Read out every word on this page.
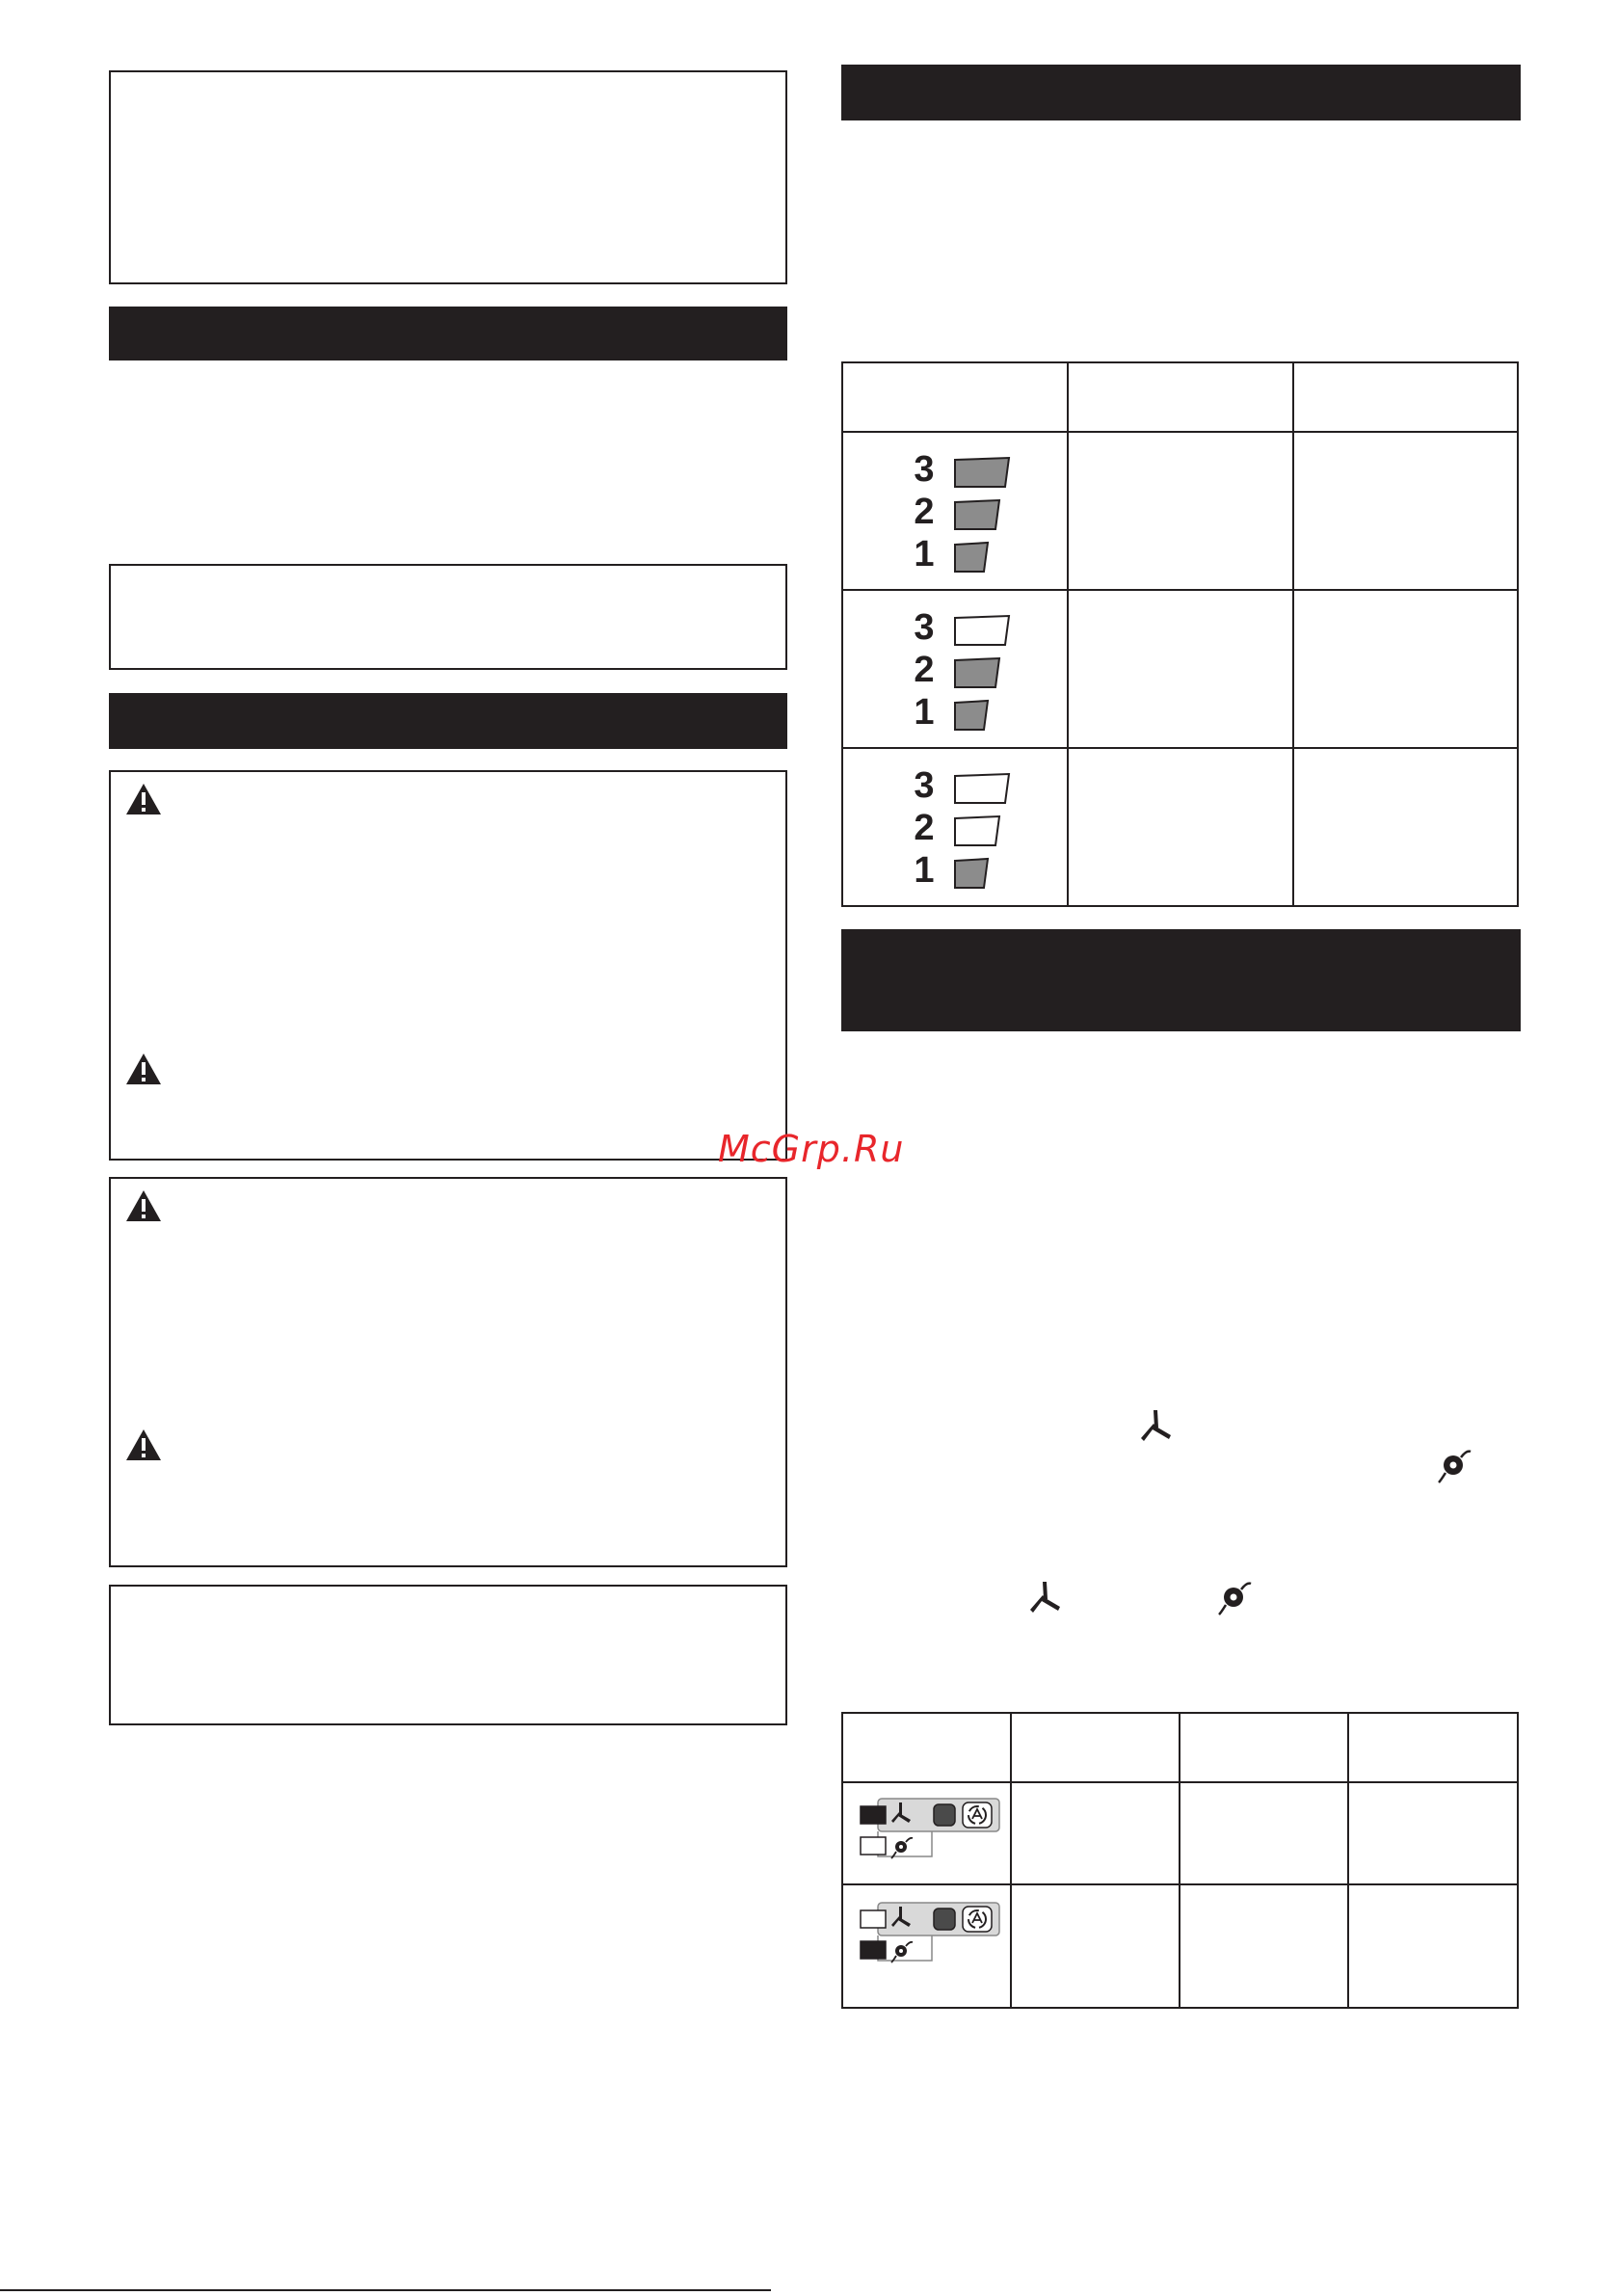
3
2
1
3
2
1
3
2
1
McGrp.Ru
